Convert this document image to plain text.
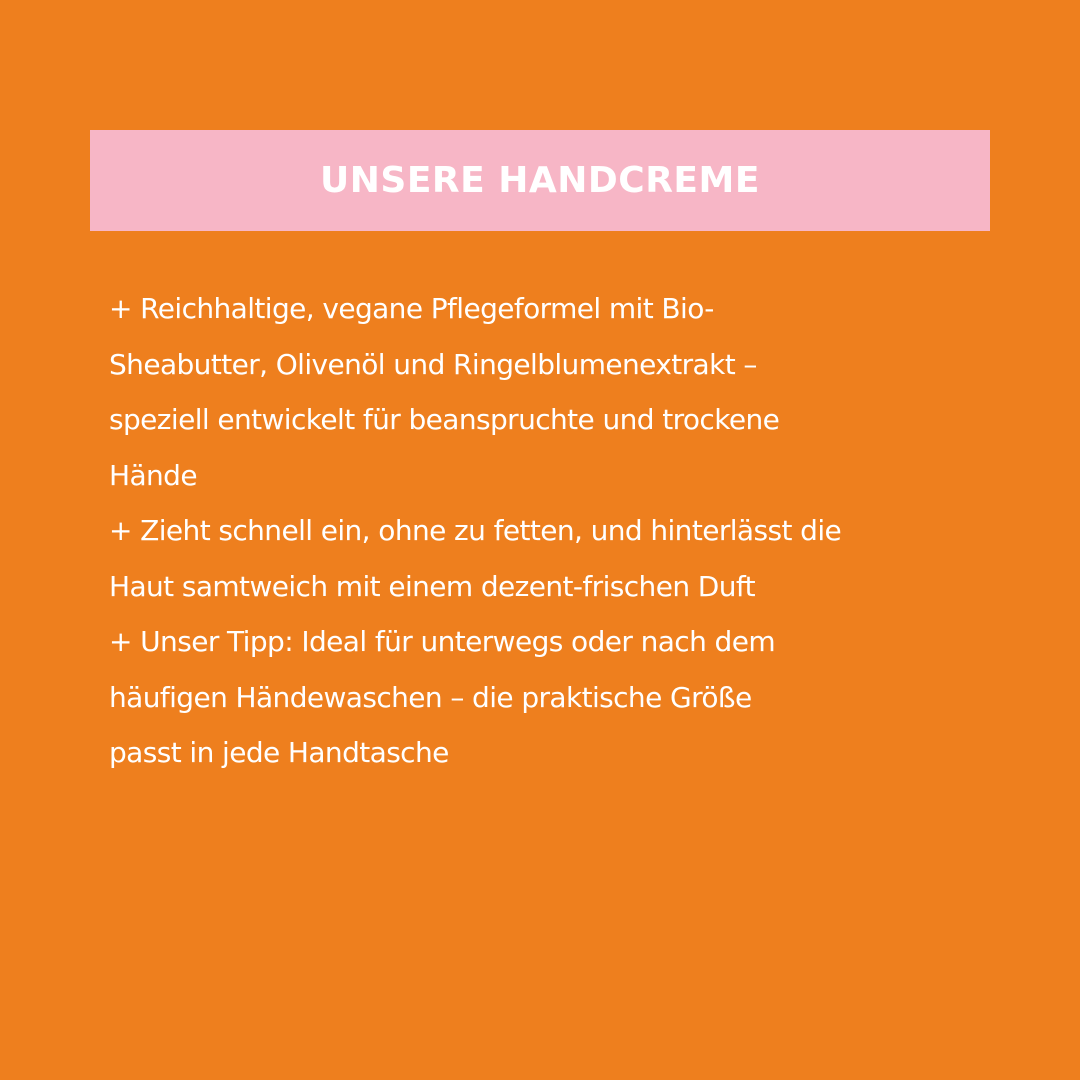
UNSERE HANDCREME
+ Reichhaltige, vegane Pflegeformel mit Bio-
Sheabutter, Olivenöl und Ringelblumenextrakt –
speziell entwickelt für beanspruchte und trockene
Hände
+ Zieht schnell ein, ohne zu fetten, und hinterlässt die
Haut samtweich mit einem dezent-frischen Duft
+ Unser Tipp: Ideal für unterwegs oder nach dem
häufigen Händewaschen – die praktische Größe
passt in jede Handtasche
